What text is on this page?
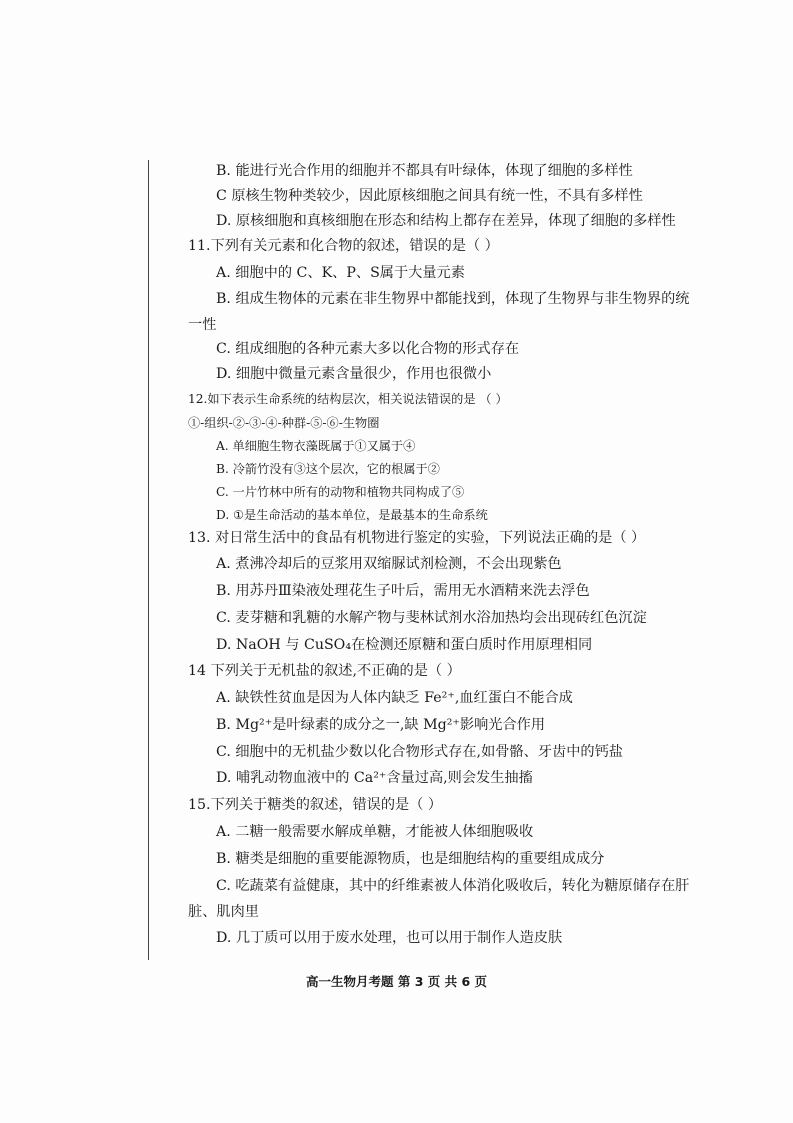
B. 能进行光合作用的细胞并不都具有叶绿体，体现了细胞的多样性
C 原核生物种类较少，因此原核细胞之间具有统一性，不具有多样性
D. 原核细胞和真核细胞在形态和结构上都存在差异，体现了细胞的多样性
11.下列有关元素和化合物的叙述，错误的是（ ）
A. 细胞中的 C、K、P、S属于大量元素
B. 组成生物体的元素在非生物界中都能找到，体现了生物界与非生物界的统
一性
C. 组成细胞的各种元素大多以化合物的形式存在
D. 细胞中微量元素含量很少，作用也很微小
12.如下表示生命系统的结构层次，相关说法错误的是 （ ）
①-组织-②-③-④-种群-⑤-⑥-生物圈
A. 单细胞生物衣藻既属于①又属于④
B. 冷箭竹没有③这个层次，它的根属于②
C. 一片竹林中所有的动物和植物共同构成了⑤
D. ①是生命活动的基本单位，是最基本的生命系统
13. 对日常生活中的食品有机物进行鉴定的实验，下列说法正确的是（ ）
A. 煮沸冷却后的豆浆用双缩脲试剂检测，不会出现紫色
B. 用苏丹Ⅲ染液处理花生子叶后，需用无水酒精来洗去浮色
C. 麦芽糖和乳糖的水解产物与斐林试剂水浴加热均会出现砖红色沉淀
D. NaOH 与 CuSO₄在检测还原糖和蛋白质时作用原理相同
14 下列关于无机盐的叙述,不正确的是（ ）
A. 缺铁性贫血是因为人体内缺乏 Fe²⁺,血红蛋白不能合成
B. Mg²⁺是叶绿素的成分之一,缺 Mg²⁺影响光合作用
C. 细胞中的无机盐少数以化合物形式存在,如骨骼、牙齿中的钙盐
D. 哺乳动物血液中的 Ca²⁺含量过高,则会发生抽搐
15.下列关于糖类的叙述，错误的是（ ）
A. 二糖一般需要水解成单糖，才能被人体细胞吸收
B. 糖类是细胞的重要能源物质，也是细胞结构的重要组成成分
C. 吃蔬菜有益健康，其中的纤维素被人体消化吸收后，转化为糖原储存在肝
脏、肌肉里
D. 几丁质可以用于废水处理，也可以用于制作人造皮肤
高一生物月考题 第 3 页 共 6 页
